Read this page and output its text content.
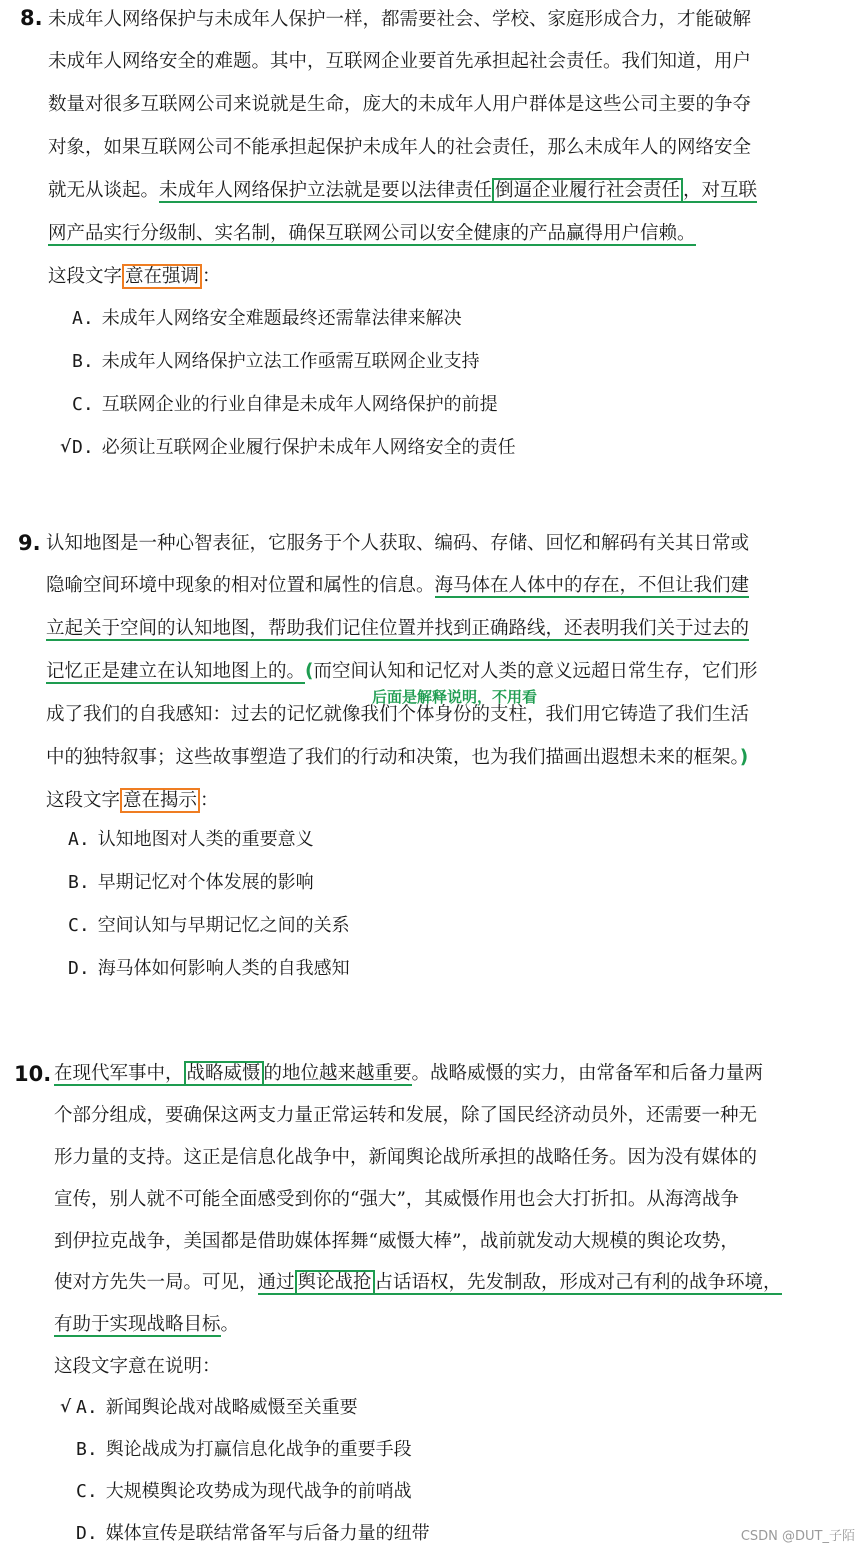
8. 未成年人网络保护与未成年人保护一样，都需要社会、学校、家庭形成合力，才能破解
未成年人网络安全的难题。其中，互联网企业要首先承担起社会责任。我们知道，用户
数量对很多互联网公司来说就是生命，庞大的未成年人用户群体是这些公司主要的争夺
对象，如果互联网公司不能承担起保护未成年人的社会责任，那么未成年人的网络安全
就无从谈起。未成年人网络保护立法就是要以法律责任 倒逼企业履行社会责任 ，对互联
网产品实行分级制、实名制，确保互联网公司以安全健康的产品赢得用户信赖。
这段文字 意在强调 ：
A. 未成年人网络安全难题最终还需靠法律来解决
B. 未成年人网络保护立法工作亟需互联网企业支持
C. 互联网企业的行业自律是未成年人网络保护的前提
√ D. 必须让互联网企业履行保护未成年人网络安全的责任
9. 认知地图是一种心智表征，它服务于个人获取、编码、存储、回忆和解码有关其日常或
隐喻空间环境中现象的相对位置和属性的信息。海马体在人体中的存在，不但让我们建
立起关于空间的认知地图，帮助我们记住位置并找到正确路线，还表明我们关于过去的
记忆正是建立在认知地图上的。(而空间认知和记忆对人类的意义远超日常生存，它们形
后面是解释说明，不用看
成了我们的自我感知：过去的记忆就像我们个体身份的支柱，我们用它铸造了我们生活
中的独特叙事；这些故事塑造了我们的行动和决策，也为我们描画出遐想未来的框架。)
这段文字 意在揭示 ：
A. 认知地图对人类的重要意义
B. 早期记忆对个体发展的影响
C. 空间认知与早期记忆之间的关系
D. 海马体如何影响人类的自我感知
10. 在现代军事中， 战略威慑 的地位越来越重要。战略威慑的实力，由常备军和后备力量两
个部分组成，要确保这两支力量正常运转和发展，除了国民经济动员外，还需要一种无
形力量的支持。这正是信息化战争中，新闻舆论战所承担的战略任务。因为没有媒体的
宣传，别人就不可能全面感受到你的“强大”，其威慑作用也会大打折扣。从海湾战争
到伊拉克战争，美国都是借助媒体挥舞“威慑大棒”，战前就发动大规模的舆论攻势，
使对方先失一局。可见，通过 舆论战抢 占话语权，先发制敌，形成对己有利的战争环境，
有助于实现战略目标。
这段文字意在说明：
√ A. 新闻舆论战对战略威慑至关重要
B. 舆论战成为打赢信息化战争的重要手段
C. 大规模舆论攻势成为现代战争的前哨战
D. 媒体宣传是联结常备军与后备力量的纽带	CSDN @DUT_子陌
